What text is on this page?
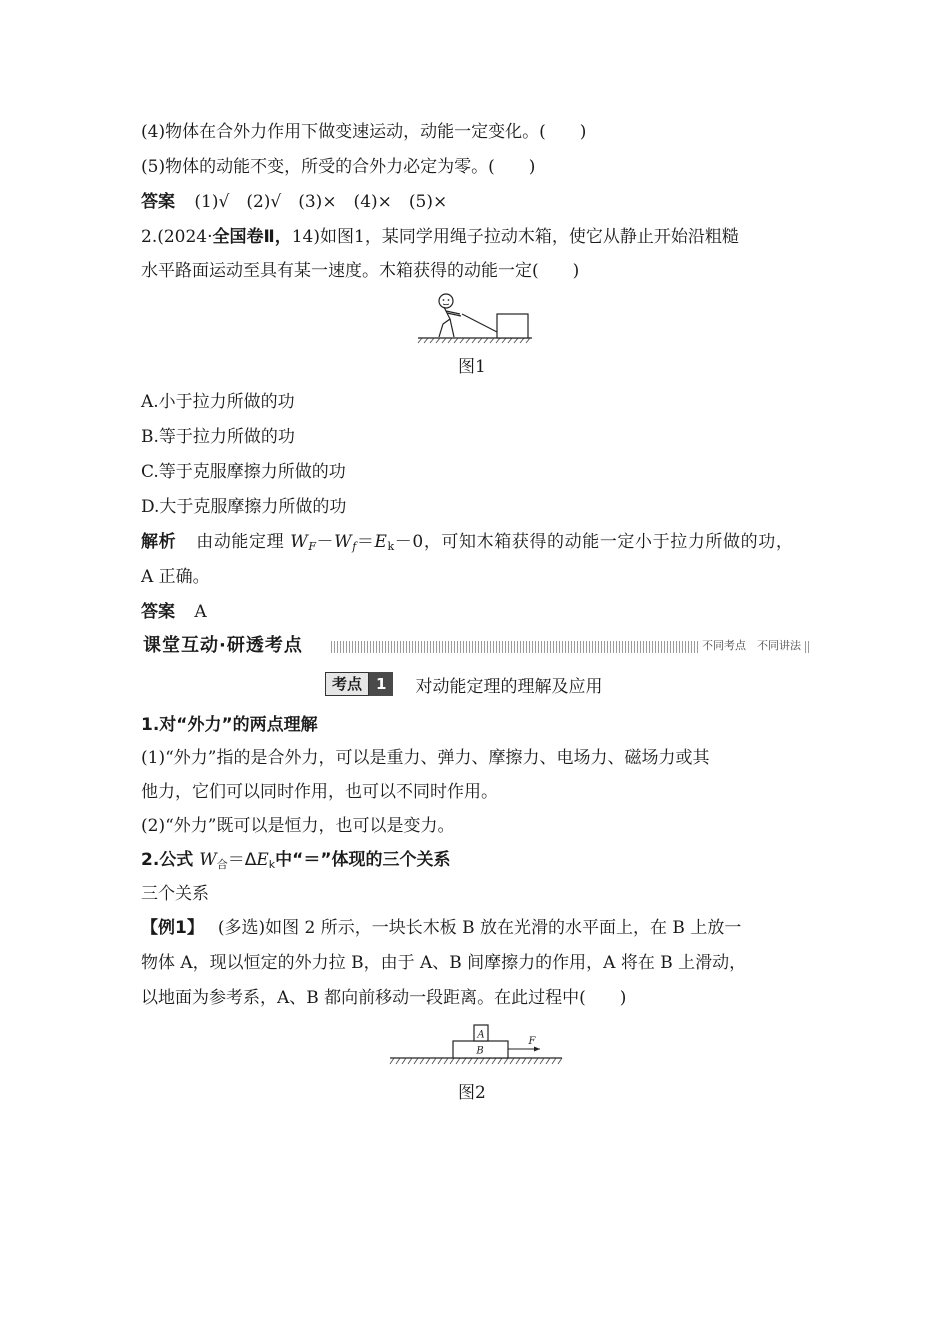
(4)物体在合外力作用下做变速运动，动能一定变化。(　　)
(5)物体的动能不变，所受的合外力必定为零。(　　)
答案 (1)√　(2)√　(3)×　(4)×　(5)×
2.(2024·全国卷Ⅱ，14)如图1，某同学用绳子拉动木箱，使它从静止开始沿粗糙
水平路面运动至具有某一速度。木箱获得的动能一定(　　)
图1
A.小于拉力所做的功
B.等于拉力所做的功
C.等于克服摩擦力所做的功
D.大于克服摩擦力所做的功
解析 由动能定理 $W_F-W_f=E_k-0$，可知木箱获得的动能一定小于拉力所做的功，
A 正确。
答案 A
课堂互动·研透考点	不同考点　不同讲法
考点 1	对动能定理的理解及应用
1.对“外力”的两点理解
(1)“外力”指的是合外力，可以是重力、弹力、摩擦力、电场力、磁场力或其
他力，它们可以同时作用，也可以不同时作用。
(2)“外力”既可以是恒力，也可以是变力。
2.公式 $W_合=\Delta E_k$中“＝”体现的三个关系
三个关系
【例1】 (多选)如图 2 所示，一块长木板 B 放在光滑的水平面上，在 B 上放一
物体 A，现以恒定的外力拉 B，由于 A、B 间摩擦力的作用，A 将在 B 上滑动，
以地面为参考系，A、B 都向前移动一段距离。在此过程中(　　)
A
B
F
图2
